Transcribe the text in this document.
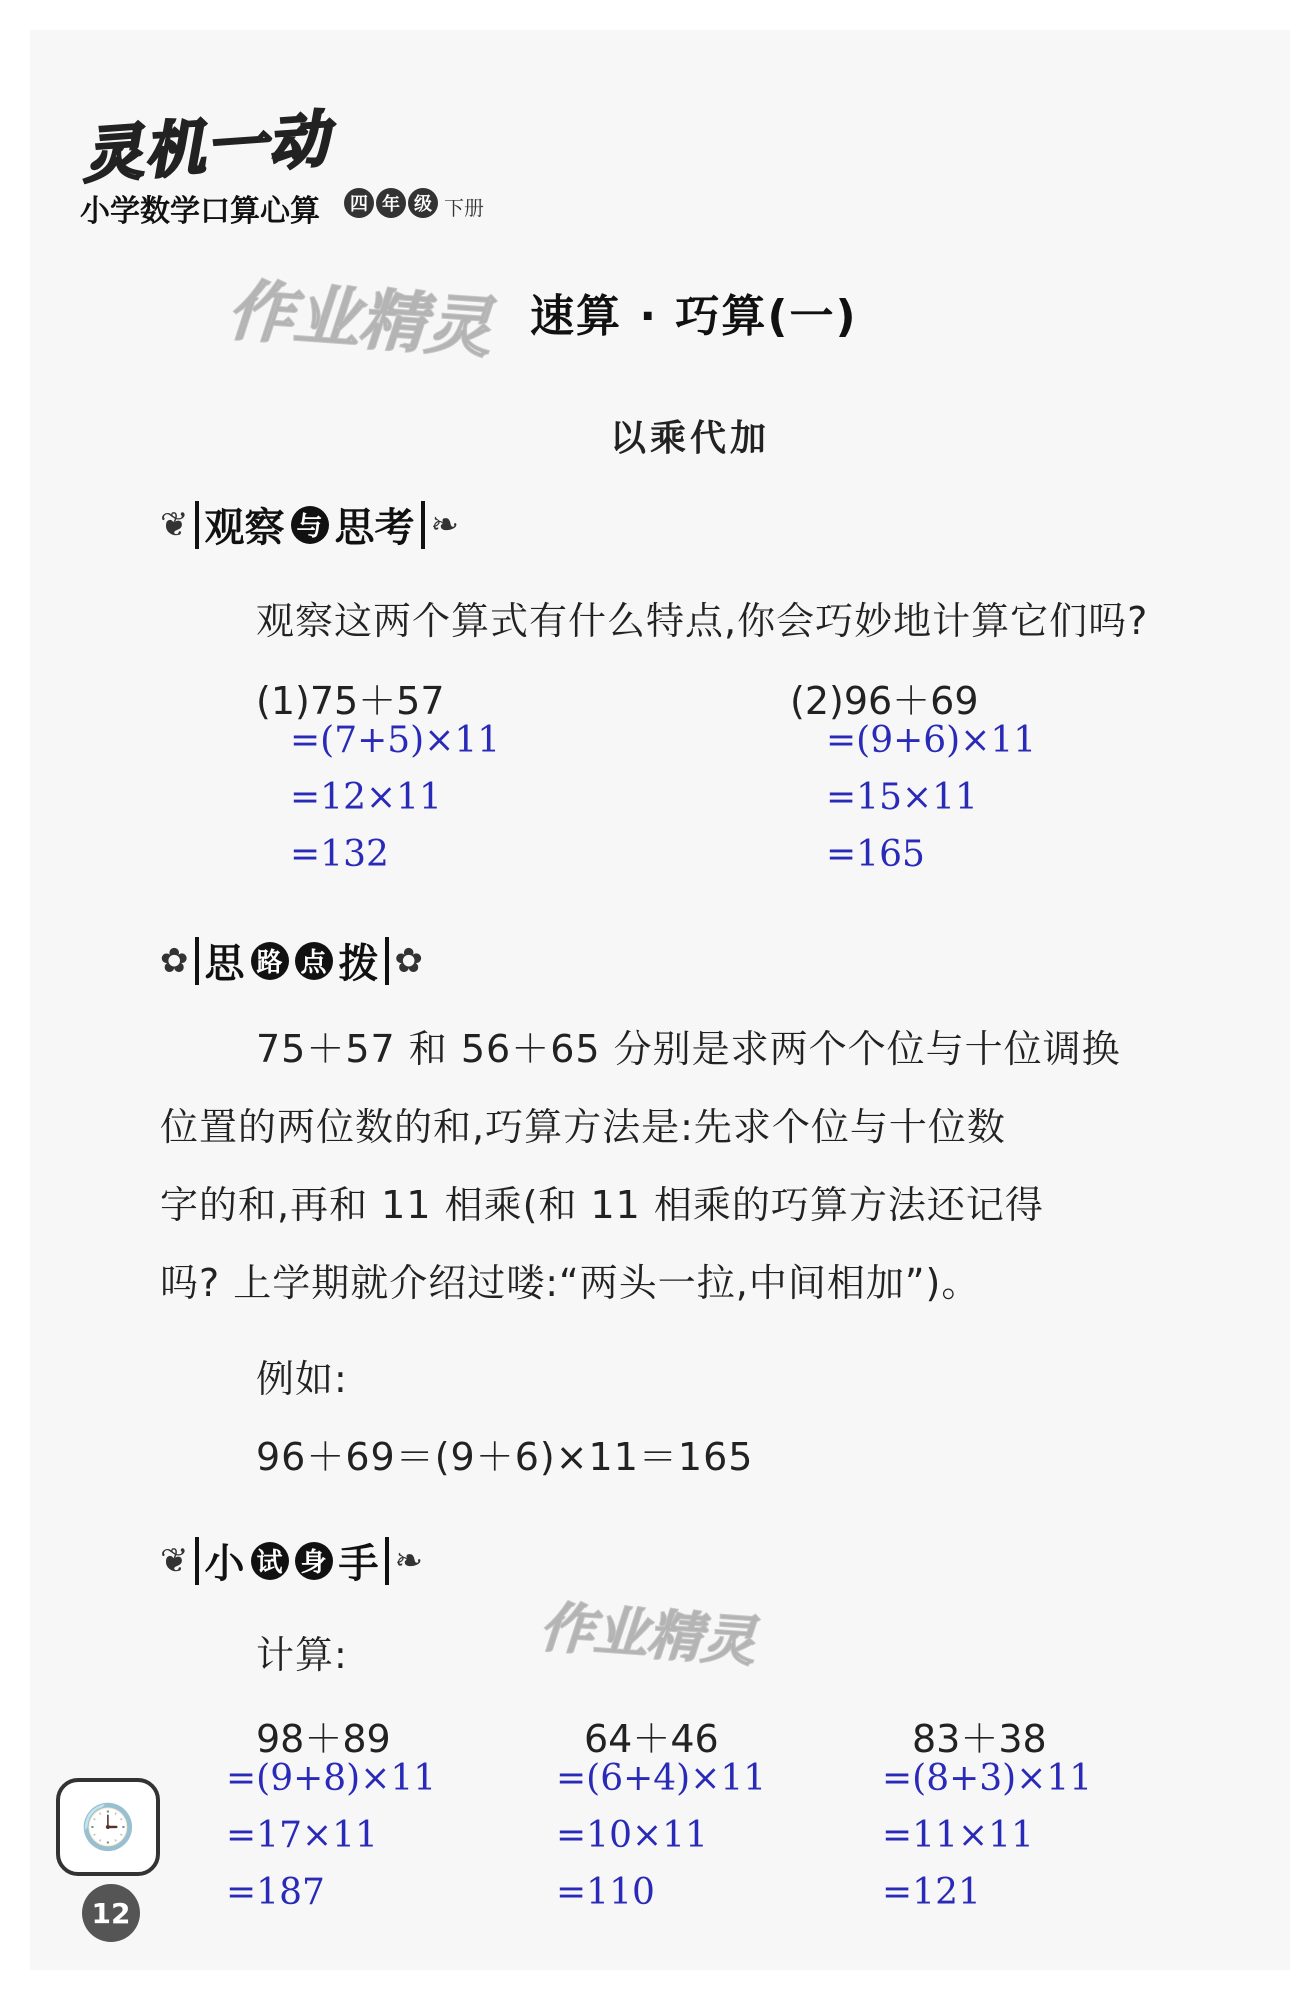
灵机一动
小学数学口算心算	四 年 级 下册
作业精灵 速算 · 巧算(一)
以乘代加
❦ 观察 与 思考 ❧
观察这两个算式有什么特点,你会巧妙地计算它们吗?
(1)75＋57
=(7+5)×11
=12×11
=132
(2)96＋69
=(9+6)×11
=15×11
=165
✿ 思 路 点 拨 ✿

75＋57 和 56＋65 分别是求两个个位与十位调换

位置的两位数的和,巧算方法是:先求个位与十位数

字的和,再和 11 相乘(和 11 相乘的巧算方法还记得

吗? 上学期就介绍过喽:“两头一拉,中间相加”)。

例如:
96＋69＝(9＋6)×11＝165
❦ 小 试 身 手 ❧
作业精灵
计算:
98＋89
=(9+8)×11
=17×11
=187
64＋46
=(6+4)×11
=10×11
=110
83＋38
=(8+3)×11
=11×11
=121
🕒
12
